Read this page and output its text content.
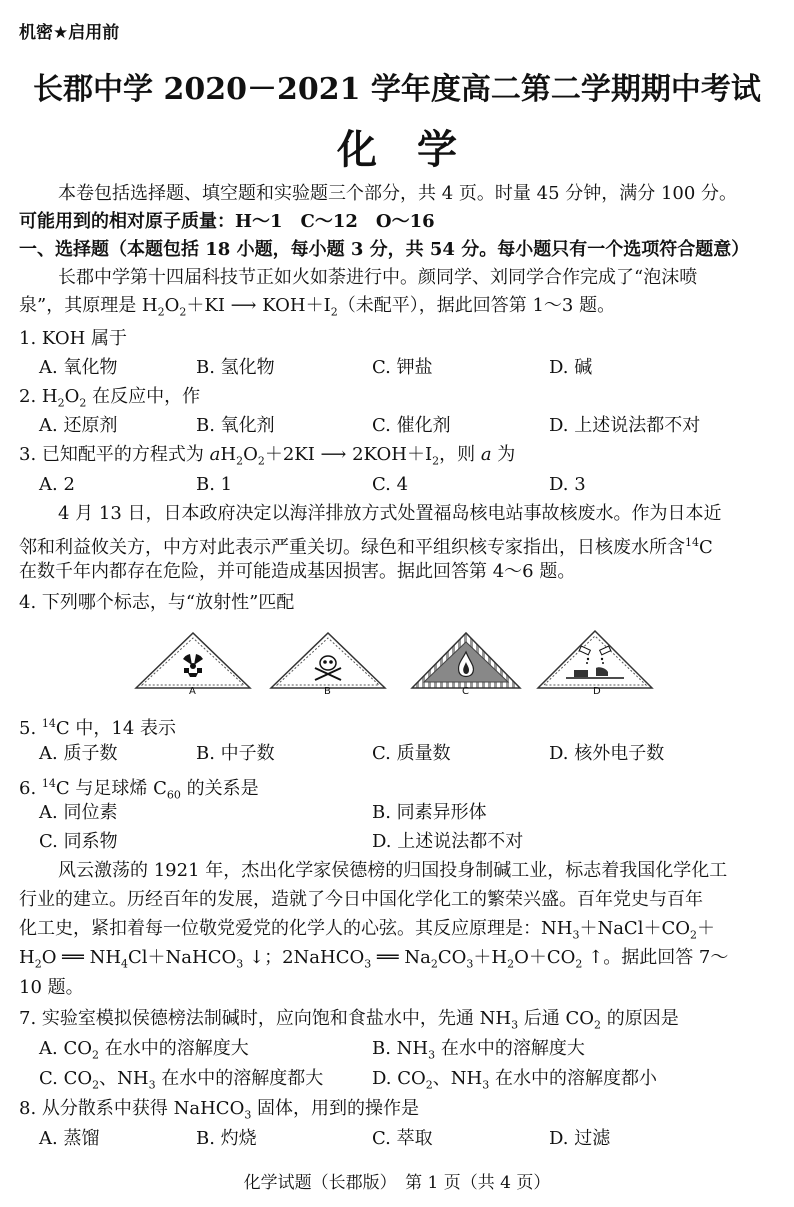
机密★启用前
长郡中学 2020－2021 学年度高二第二学期期中考试
化　学
本卷包括选择题、填空题和实验题三个部分，共 4 页。时量 45 分钟，满分 100 分。
可能用到的相对原子质量：H～1　C～12　O～16
一、选择题（本题包括 18 小题，每小题 3 分，共 54 分。每小题只有一个选项符合题意）
长郡中学第十四届科技节正如火如荼进行中。颜同学、刘同学合作完成了“泡沫喷
泉”，其原理是 $H_2O_2+KI$ ⟶ $KOH+I_2$（未配平），据此回答第 1～3 题。
1. KOH 属于
A. 氧化物	B. 氢化物	C. 钾盐	D. 碱
2. $H_2O_2$ 在反应中，作
A. 还原剂	B. 氧化剂	C. 催化剂	D. 上述说法都不对
3. 已知配平的方程式为 $aH_2O_2+2KI$ ⟶ $2KOH+I_2$，则 a 为
A. 2	B. 1	C. 4	D. 3
4 月 13 日，日本政府决定以海洋排放方式处置福岛核电站事故核废水。作为日本近
邻和利益攸关方，中方对此表示严重关切。绿色和平组织核专家指出，日核废水所含$^{14}$C
在数千年内都存在危险，并可能造成基因损害。据此回答第 4～6 题。
4. 下列哪个标志，与“放射性”匹配
A	B	C	D
5. $^{14}$C 中，14 表示
A. 质子数	B. 中子数	C. 质量数	D. 核外电子数
6. $^{14}$C 与足球烯 $C_{60}$ 的关系是
A. 同位素	B. 同素异形体
C. 同系物	D. 上述说法都不对
风云激荡的 1921 年，杰出化学家侯德榜的归国投身制碱工业，标志着我国化学化工
行业的建立。历经百年的发展，造就了今日中国化学化工的繁荣兴盛。百年党史与百年
化工史，紧扣着每一位敬党爱党的化学人的心弦。其反应原理是：$NH_3+NaCl+CO_2+$
$H_2O$ ══ $NH_4Cl+NaHCO_3$ ↓；2NaHCO$_3$ ══ $Na_2CO_3+H_2O+CO_2$ ↑。据此回答 7～
10 题。
7. 实验室模拟侯德榜法制碱时，应向饱和食盐水中，先通 $NH_3$ 后通 $CO_2$ 的原因是
A. $CO_2$ 在水中的溶解度大	B. $NH_3$ 在水中的溶解度大
C. $CO_2$、$NH_3$ 在水中的溶解度都大	D. $CO_2$、$NH_3$ 在水中的溶解度都小
8. 从分散系中获得 NaHCO$_3$ 固体，用到的操作是
A. 蒸馏	B. 灼烧	C. 萃取	D. 过滤
化学试题（长郡版）　第 1 页（共 4 页）
